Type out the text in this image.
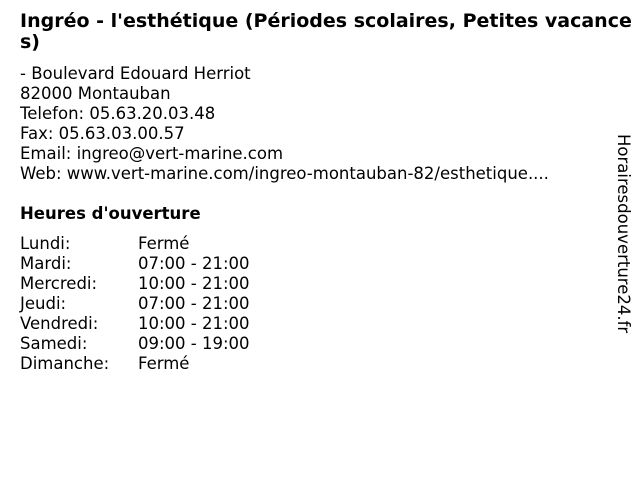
Ingréo - l'esthétique (Périodes scolaires, Petites vacances)
- Boulevard Edouard Herriot
82000 Montauban
Telefon: 05.63.20.03.48
Fax: 05.63.03.00.57
Email: ingreo@vert-marine.com
Web: www.vert-marine.com/ingreo-montauban-82/esthetique....
Heures d'ouverture
Lundi:	Fermé
Mardi:	07:00 - 21:00
Mercredi: 10:00 - 21:00
Jeudi:	07:00 - 21:00
Vendredi: 10:00 - 21:00
Samedi:	09:00 - 19:00
Dimanche: Fermé
Horairesdouverture24.fr
